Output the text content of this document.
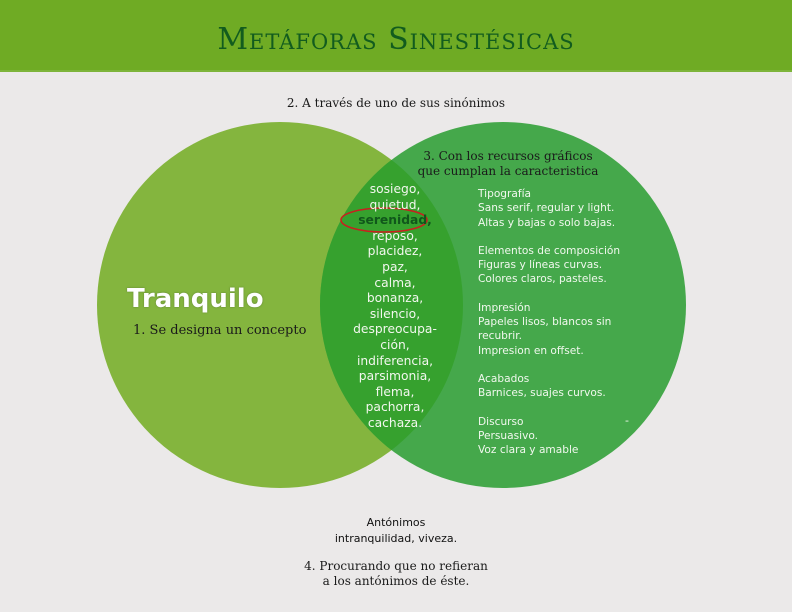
Metáforas Sinestésicas
2. A través de uno de sus sinónimos
3. Con los recursos gráficos
que cumplan la caracteristica
Tranquilo
1. Se designa un concepto
sosiego,
quietud,
serenidad,
reposo,
placidez,
paz,
calma,
bonanza,
silencio,
despreocupa-
ción,
indiferencia,
parsimonia,
flema,
pachorra,
cachaza.
Tipografía
Sans serif, regular y light.
Altas y bajas o solo bajas.
Elementos de composición
Figuras y líneas curvas.
Colores claros, pasteles.
Impresión
Papeles lisos, blancos sin
recubrir.
Impresion en offset.
Acabados
Barnices, suajes curvos.
Discurso
Persuasivo.
Voz clara y amable
-
Antónimos
intranquilidad, viveza.
4. Procurando que no refieran
a los antónimos de éste.
